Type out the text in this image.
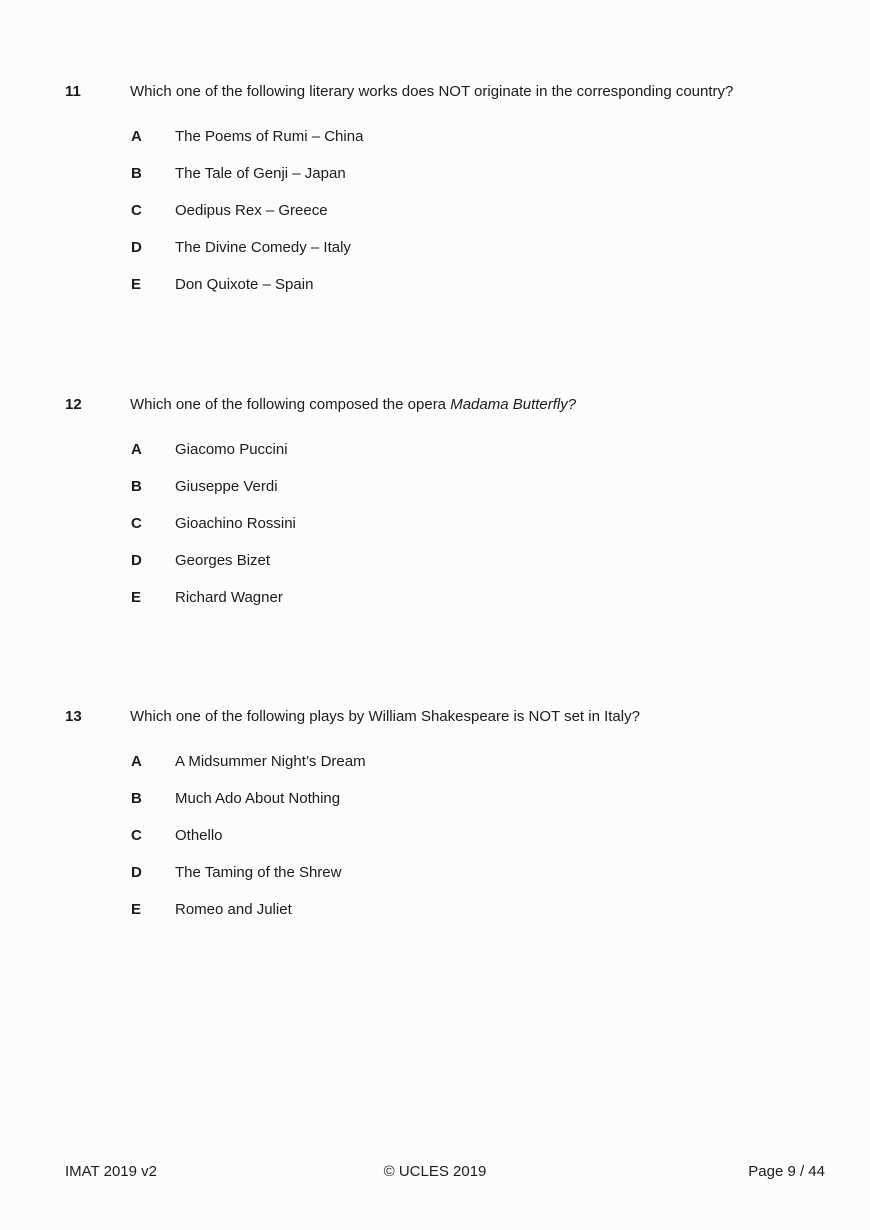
11	Which one of the following literary works does NOT originate in the corresponding country?

A	The Poems of Rumi – China
B	The Tale of Genji – Japan
C	Oedipus Rex – Greece
D	The Divine Comedy – Italy
E	Don Quixote – Spain
12	Which one of the following composed the opera Madama Butterfly?

A	Giacomo Puccini
B	Giuseppe Verdi
C	Gioachino Rossini
D	Georges Bizet
E	Richard Wagner
13	Which one of the following plays by William Shakespeare is NOT set in Italy?

A	A Midsummer Night’s Dream
B	Much Ado About Nothing
C	Othello
D	The Taming of the Shrew
E	Romeo and Juliet
IMAT 2019 v2	© UCLES 2019	Page 9 / 44
